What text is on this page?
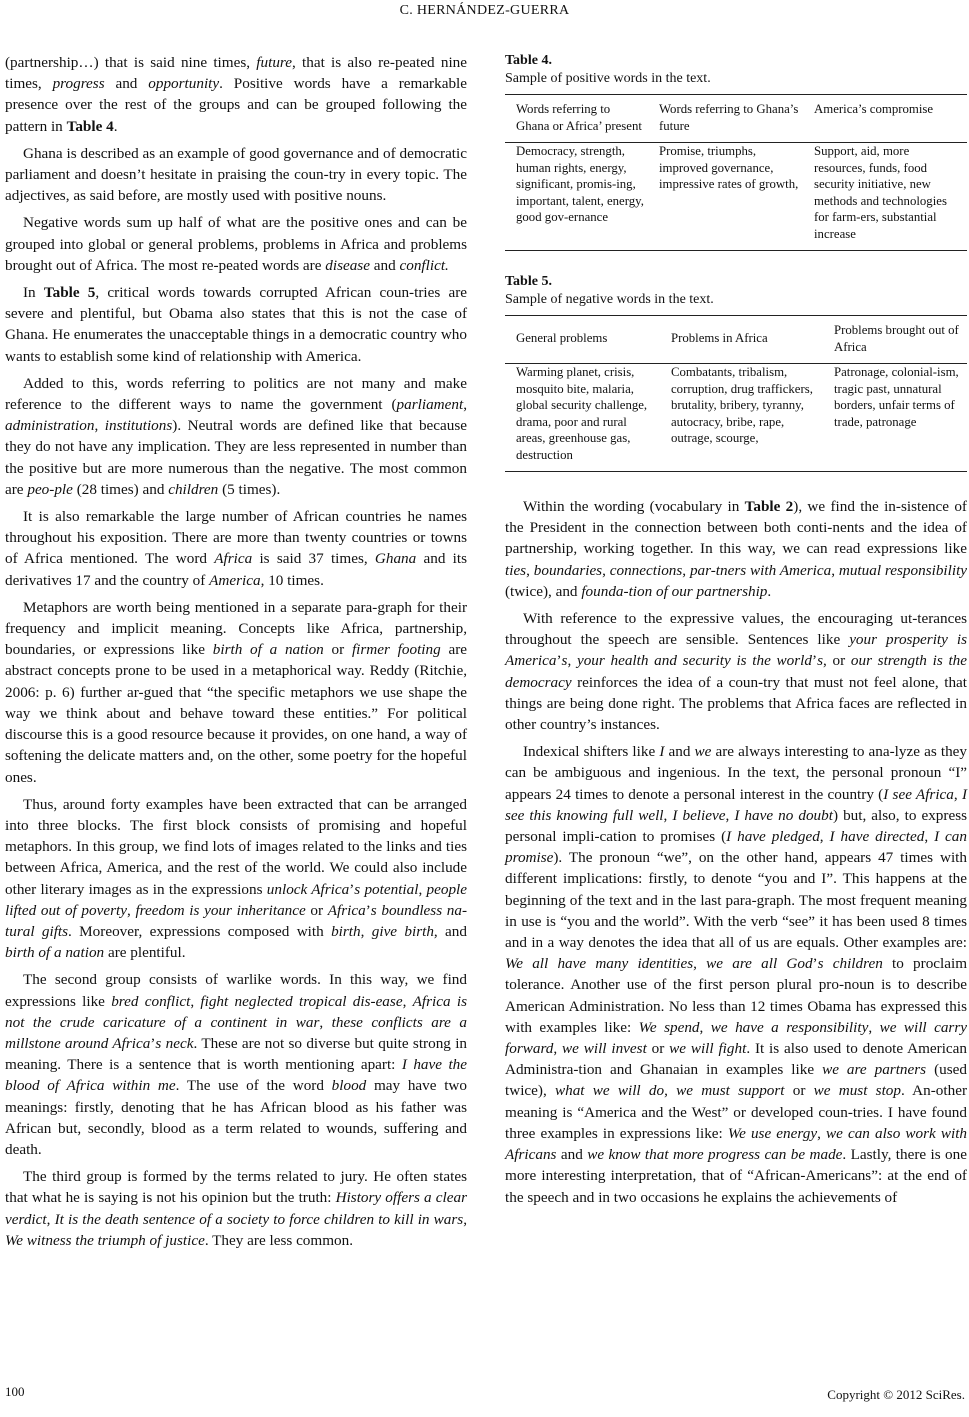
C. HERNÁNDEZ-GUERRA

(partnership…) that is said nine times, future, that is also re-peated nine times, progress and opportunity. Positive words have a remarkable presence over the rest of the groups and can be grouped following the pattern in Table 4.

Ghana is described as an example of good governance and of democratic parliament and doesn’t hesitate in praising the coun-try in every topic. The adjectives, as said before, are mostly used with positive nouns.

Negative words sum up half of what are the positive ones and can be grouped into global or general problems, problems in Africa and problems brought out of Africa. The most re-peated words are disease and conflict.

In Table 5, critical words towards corrupted African coun-tries are severe and plentiful, but Obama also states that this is not the case of Ghana. He enumerates the unacceptable things in a democratic country who wants to establish some kind of relationship with America.

Added to this, words referring to politics are not many and make reference to the different ways to name the government (parliament, administration, institutions). Neutral words are defined like that because they do not have any implication. They are less represented in number than the positive but are more numerous than the negative. The most common are peo-ple (28 times) and children (5 times).

It is also remarkable the large number of African countries he names throughout his exposition. There are more than twenty countries or towns of Africa mentioned. The word Africa is said 37 times, Ghana and its derivatives 17 and the country of America, 10 times.

Metaphors are worth being mentioned in a separate para-graph for their frequency and implicit meaning. Concepts like Africa, partnership, boundaries, or expressions like birth of a nation or firmer footing are abstract concepts prone to be used in a metaphorical way. Reddy (Ritchie, 2006: p. 6) further ar-gued that “the specific metaphors we use shape the way we think about and behave toward these entities.” For political discourse this is a good resource because it provides, on one hand, a way of softening the delicate matters and, on the other, some poetry for the hopeful ones.

Thus, around forty examples have been extracted that can be arranged into three blocks. The first block consists of promising and hopeful metaphors. In this group, we find lots of images related to the links and ties between Africa, America, and the rest of the world. We could also include other literary images as in the expressions unlock Africa’s potential, people lifted out of poverty, freedom is your inheritance or Africa’s boundless na-tural gifts. Moreover, expressions composed with birth, give birth, and birth of a nation are plentiful.

The second group consists of warlike words. In this way, we find expressions like bred conflict, fight neglected tropical dis-ease, Africa is not the crude caricature of a continent in war, these conflicts are a millstone around Africa’s neck. These are not so diverse but quite strong in meaning. There is a sentence that is worth mentioning apart: I have the blood of Africa within me. The use of the word blood may have two meanings: firstly, denoting that he has African blood as his father was African but, secondly, blood as a term related to wounds, suffering and death.

The third group is formed by the terms related to jury. He often states that what he is saying is not his opinion but the truth: History offers a clear verdict, It is the death sentence of a society to force children to kill in wars, We witness the triumph of justice. They are less common.

Table 4.
Sample of positive words in the text.
Words referring to Ghana or Africa’ present	Words referring to Ghana’s future	America’s compromise
Democracy, strength, human rights, energy, significant, promis-ing, important, talent, energy, good gov-ernance	Promise, triumphs, improved governance, impressive rates of growth,	Support, aid, more resources, funds, food security initiative, new methods and technologies for farm-ers, substantial increase
Table 5.
Sample of negative words in the text.
General problems	Problems in Africa	Problems brought out of Africa
Warming planet, crisis, mosquito bite, malaria, global security challenge, drama, poor and rural areas, greenhouse gas, destruction	Combatants, tribalism, corruption, drug traffickers, brutality, bribery, tyranny, autocracy, bribe, rape, outrage, scourge,	Patronage, colonial-ism, tragic past, unnatural borders, unfair terms of trade, patronage

Within the wording (vocabulary in Table 2), we find the in-sistence of the President in the connection between both conti-nents and the idea of partnership, working together. In this way, we can read expressions like ties, boundaries, connections, par-tners with America, mutual responsibility (twice), and founda-tion of our partnership.

With reference to the expressive values, the encouraging ut-terances throughout the speech are sensible. Sentences like your prosperity is America’s, your health and security is the world’s, or our strength is the democracy reinforces the idea of a coun-try that must not feel alone, that things are being done right. The problems that Africa faces are reflected in other country’s instances.

Indexical shifters like I and we are always interesting to ana-lyze as they can be ambiguous and ingenious. In the text, the personal pronoun “I” appears 24 times to denote a personal interest in the country (I see Africa, I see this knowing full well, I believe, I have no doubt) but, also, to express personal impli-cation to promises (I have pledged, I have directed, I can promise). The pronoun “we”, on the other hand, appears 47 times with different implications: firstly, to denote “you and I”. This happens at the beginning of the text and in the last para-graph. The most frequent meaning in use is “you and the world”. With the verb “see” it has been used 8 times and in a way denotes the idea that all of us are equals. Other examples are: We all have many identities, we are all God’s children to proclaim tolerance. Another use of the first person plural pro-noun is to describe American Administration. No less than 12 times Obama has expressed this with examples like: We spend, we have a responsibility, we will carry forward, we will invest or we will fight. It is also used to denote American Administra-tion and Ghanaian in examples like we are partners (used twice), what we will do, we must support or we must stop. An-other meaning is “America and the West” or developed coun-tries. I have found three examples in expressions like: We use energy, we can also work with Africans and we know that more progress can be made. Lastly, there is one more interesting interpretation, that of “African-Americans”: at the end of the speech and in two occasions he explains the achievements of

100	Copyright © 2012 SciRes.
